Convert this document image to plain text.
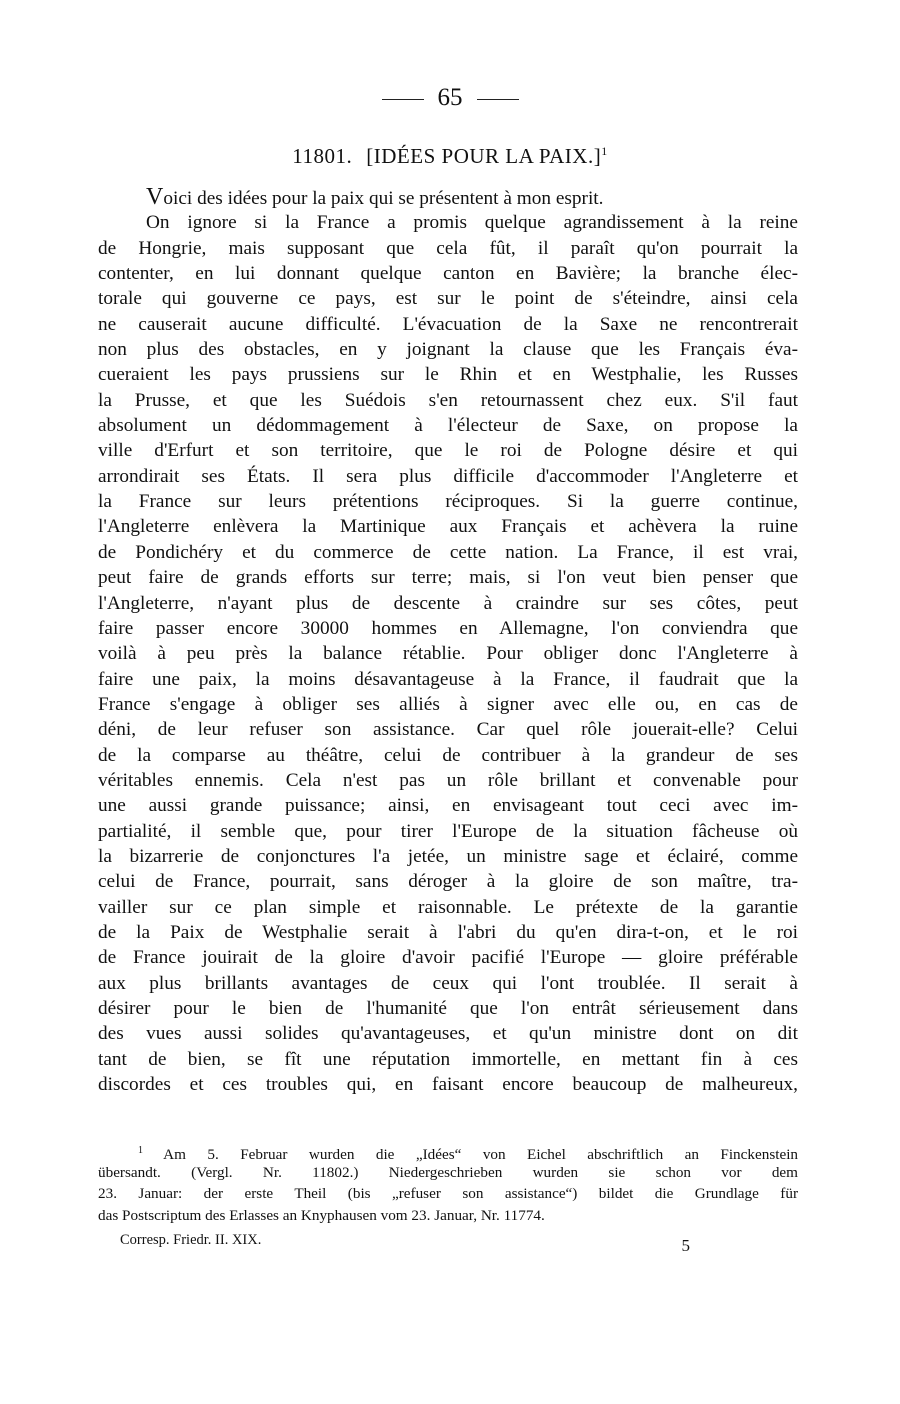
65
11801. [IDÉES POUR LA PAIX.]$^1$
Voici des idées pour la paix qui se présentent à mon esprit.
On ignore si la France a promis quelque agrandissement à la reine
de Hongrie, mais supposant que cela fût, il paraît qu'on pourrait la
contenter, en lui donnant quelque canton en Bavière; la branche élec-
torale qui gouverne ce pays, est sur le point de s'éteindre, ainsi cela
ne causerait aucune difficulté. L'évacuation de la Saxe ne rencontrerait
non plus des obstacles, en y joignant la clause que les Français éva-
cueraient les pays prussiens sur le Rhin et en Westphalie, les Russes
la Prusse, et que les Suédois s'en retournassent chez eux. S'il faut
absolument un dédommagement à l'électeur de Saxe, on propose la
ville d'Erfurt et son territoire, que le roi de Pologne désire et qui
arrondirait ses États. Il sera plus difficile d'accommoder l'Angleterre et
la France sur leurs prétentions réciproques. Si la guerre continue,
l'Angleterre enlèvera la Martinique aux Français et achèvera la ruine
de Pondichéry et du commerce de cette nation. La France, il est vrai,
peut faire de grands efforts sur terre; mais, si l'on veut bien penser que
l'Angleterre, n'ayant plus de descente à craindre sur ses côtes, peut
faire passer encore 30000 hommes en Allemagne, l'on conviendra que
voilà à peu près la balance rétablie. Pour obliger donc l'Angleterre à
faire une paix, la moins désavantageuse à la France, il faudrait que la
France s'engage à obliger ses alliés à signer avec elle ou, en cas de
déni, de leur refuser son assistance. Car quel rôle jouerait-elle? Celui
de la comparse au théâtre, celui de contribuer à la grandeur de ses
véritables ennemis. Cela n'est pas un rôle brillant et convenable pour
une aussi grande puissance; ainsi, en envisageant tout ceci avec im-
partialité, il semble que, pour tirer l'Europe de la situation fâcheuse où
la bizarrerie de conjonctures l'a jetée, un ministre sage et éclairé, comme
celui de France, pourrait, sans déroger à la gloire de son maître, tra-
vailler sur ce plan simple et raisonnable. Le prétexte de la garantie
de la Paix de Westphalie serait à l'abri du qu'en dira-t-on, et le roi
de France jouirait de la gloire d'avoir pacifié l'Europe — gloire préférable
aux plus brillants avantages de ceux qui l'ont troublée. Il serait à
désirer pour le bien de l'humanité que l'on entrât sérieusement dans
des vues aussi solides qu'avantageuses, et qu'un ministre dont on dit
tant de bien, se fît une réputation immortelle, en mettant fin à ces
discordes et ces troubles qui, en faisant encore beaucoup de malheureux,
$^1$ Am 5. Februar wurden die „Idées“ von Eichel abschriftlich an Finckenstein
übersandt. (Vergl. Nr. 11802.) Niedergeschrieben wurden sie schon vor dem
23. Januar: der erste Theil (bis „refuser son assistance“) bildet die Grundlage für
das Postscriptum des Erlasses an Knyphausen vom 23. Januar, Nr. 11774.
Corresp. Friedr. II. XIX.	5
